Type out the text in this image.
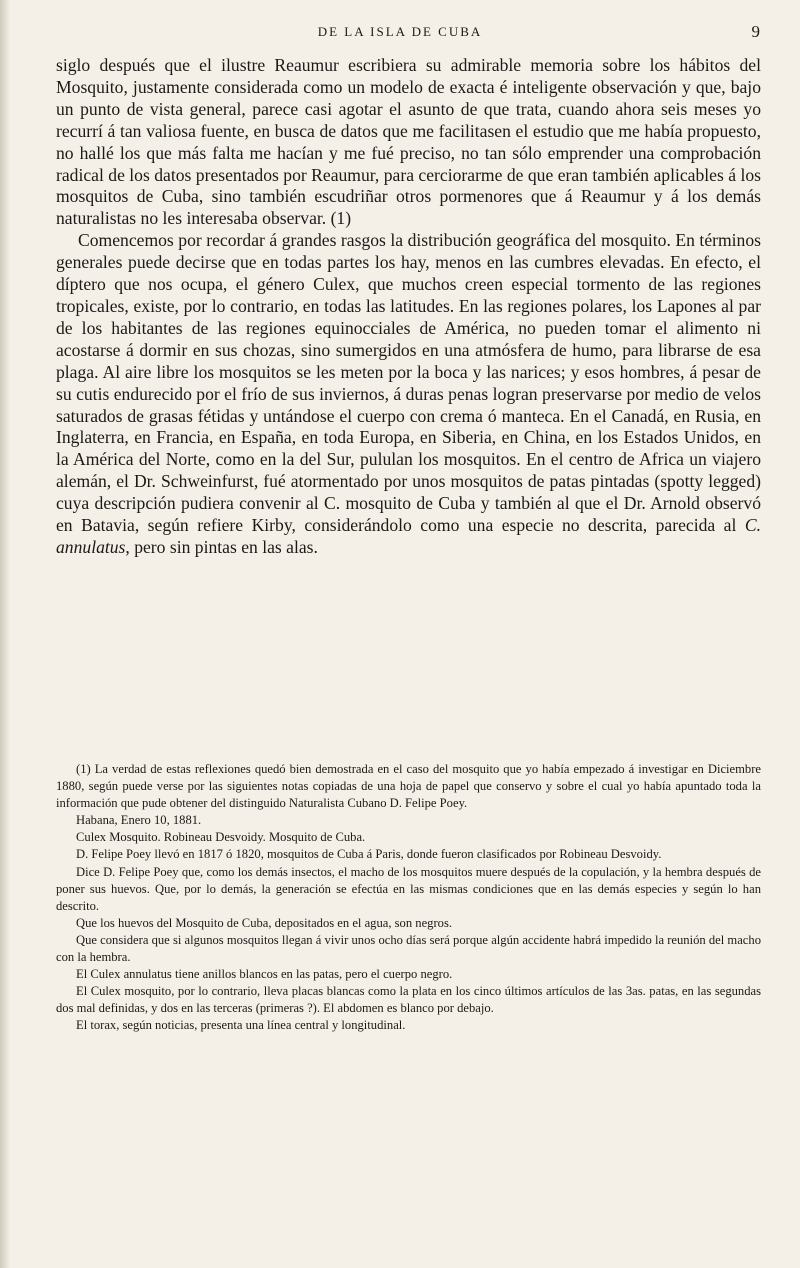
DE LA ISLA DE CUBA	9

siglo después que el ilustre Reaumur escribiera su admirable memoria sobre los hábitos del Mosquito, justamente considerada como un modelo de exacta é inteligente observación y que, bajo un punto de vista general, parece casi agotar el asunto de que trata, cuando ahora seis meses yo recurrí á tan valiosa fuente, en busca de datos que me facilitasen el estudio que me había propuesto, no hallé los que más falta me hacían y me fué preciso, no tan sólo emprender una comprobación radical de los datos presentados por Reaumur, para cerciorarme de que eran también aplicables á los mosquitos de Cuba, sino también escudriñar otros pormenores que á Reaumur y á los demás naturalistas no les interesaba observar. (1)

Comencemos por recordar á grandes rasgos la distribución geográfica del mosquito. En términos generales puede decirse que en todas partes los hay, menos en las cumbres elevadas. En efecto, el díptero que nos ocupa, el género Culex, que muchos creen especial tormento de las regiones tropicales, existe, por lo contrario, en todas las latitudes. En las regiones polares, los Lapones al par de los habitantes de las regiones equinocciales de América, no pueden tomar el alimento ni acostarse á dormir en sus chozas, sino sumergidos en una atmósfera de humo, para librarse de esa plaga. Al aire libre los mosquitos se les meten por la boca y las narices; y esos hombres, á pesar de su cutis endurecido por el frío de sus inviernos, á duras penas logran preservarse por medio de velos saturados de grasas fétidas y untándose el cuerpo con crema ó manteca. En el Canadá, en Rusia, en Inglaterra, en Francia, en España, en toda Europa, en Siberia, en China, en los Estados Unidos, en la América del Norte, como en la del Sur, pululan los mosquitos. En el centro de Africa un viajero alemán, el Dr. Schweinfurst, fué atormentado por unos mosquitos de patas pintadas (spotty legged) cuya descripción pudiera convenir al C. mosquito de Cuba y también al que el Dr. Arnold observó en Batavia, según refiere Kirby, considerándolo como una especie no descrita, parecida al C. annulatus, pero sin pintas en las alas.

(1) La verdad de estas reflexiones quedó bien demostrada en el caso del mosquito que yo había empezado á investigar en Diciembre 1880, según puede verse por las siguientes notas copiadas de una hoja de papel que conservo y sobre el cual yo había apuntado toda la información que pude obtener del distinguido Naturalista Cubano D. Felipe Poey.

Habana, Enero 10, 1881.

Culex Mosquito. Robineau Desvoidy. Mosquito de Cuba.

D. Felipe Poey llevó en 1817 ó 1820, mosquitos de Cuba á Paris, donde fueron clasificados por Robineau Desvoidy.

Dice D. Felipe Poey que, como los demás insectos, el macho de los mosquitos muere después de la copulación, y la hembra después de poner sus huevos. Que, por lo demás, la generación se efectúa en las mismas condiciones que en las demás especies y según lo han descrito.

Que los huevos del Mosquito de Cuba, depositados en el agua, son negros.

Que considera que si algunos mosquitos llegan á vivir unos ocho días será porque algún accidente habrá impedido la reunión del macho con la hembra.

El Culex annulatus tiene anillos blancos en las patas, pero el cuerpo negro.

El Culex mosquito, por lo contrario, lleva placas blancas como la plata en los cinco últimos artículos de las 3as. patas, en las segundas dos mal definidas, y dos en las terceras (primeras ?). El abdomen es blanco por debajo.

El torax, según noticias, presenta una línea central y longitudinal.
